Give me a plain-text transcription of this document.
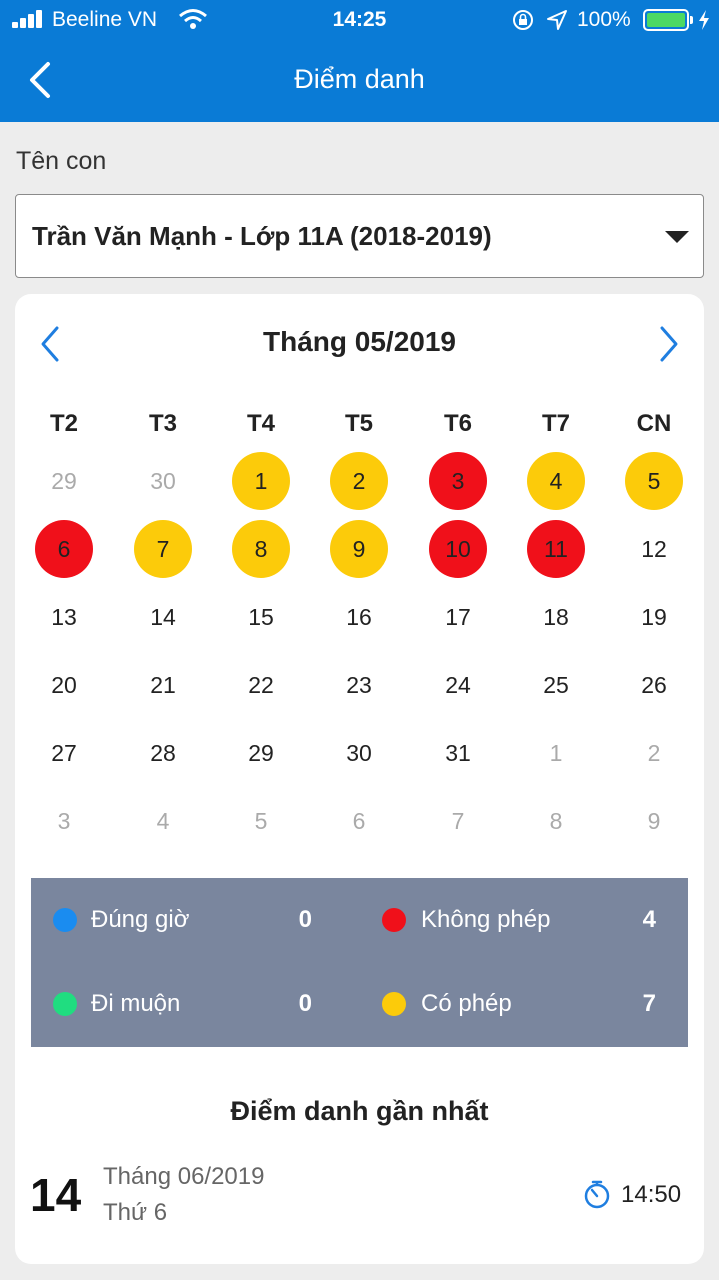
Beeline VN	14:25	100%
Điểm danh
Tên con
Trần Văn Mạnh - Lớp 11A (2018-2019)
Tháng 05/2019
T2	T3	T4	T5	T6	T7	CN
29	30	1	2	3	4	5
6	7	8	9	10	11	12
13	14	15	16	17	18	19
20	21	22	23	24	25	26
27	28	29	30	31	1	2
3	4	5	6	7	8	9
Đúng giờ	0	Không phép	4
Đi muộn	0	Có phép	7
Điểm danh gần nhất
14 Tháng 06/2019
Thứ 6
14:50
